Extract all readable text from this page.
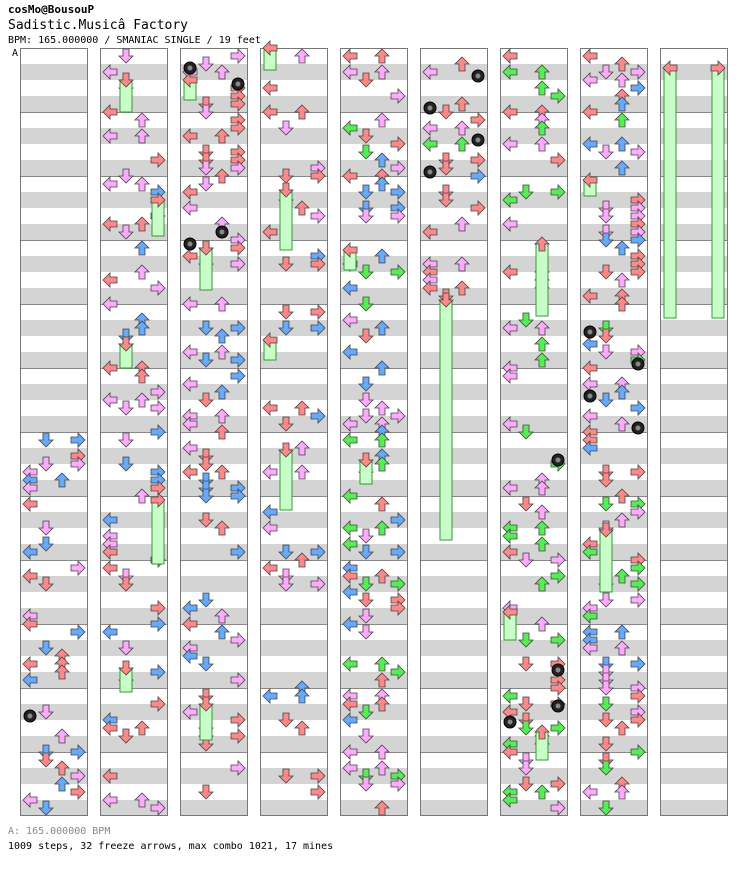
cosMo@BousouP
Sadistic.Musicâ Factory
BPM: 165.000000 / SMANIAC SINGLE / 19 feet
A
A: 165.000000 BPM
1009 steps, 32 freeze arrows, max combo 1021, 17 mines
